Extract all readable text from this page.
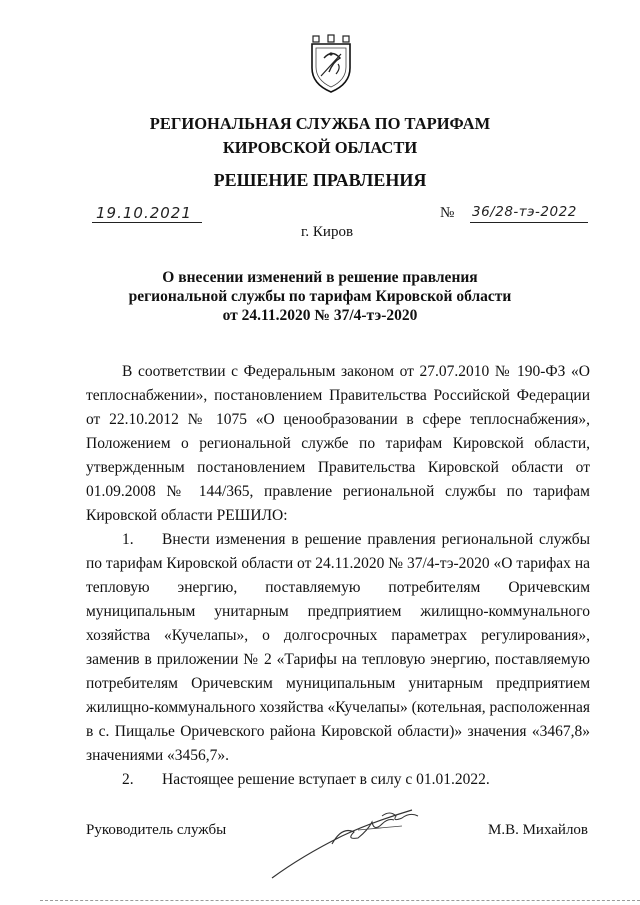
РЕГИОНАЛЬНАЯ СЛУЖБА ПО ТАРИФАМ
КИРОВСКОЙ ОБЛАСТИ
РЕШЕНИЕ ПРАВЛЕНИЯ
19.10.2021	№ 36/28-тэ-2022
г. Киров
О внесении изменений в решение правления
региональной службы по тарифам Кировской области
от 24.11.2020 № 37/4-тэ-2020

В соответствии с Федеральным законом от 27.07.2010 № 190-ФЗ «О теплоснабжении», постановлением Правительства Российской Федерации от 22.10.2012 № 1075 «О ценообразовании в сфере теплоснабжения», Положением о региональной службе по тарифам Кировской области, утвержденным постановлением Правительства Кировской области от 01.09.2008 № 144/365, правление региональной службы по тарифам Кировской области РЕШИЛО:

1. Внести изменения в решение правления региональной службы по тарифам Кировской области от 24.11.2020 № 37/4-тэ-2020 «О тарифах на тепловую энергию, поставляемую потребителям Оричевским муниципальным унитарным предприятием жилищно-коммунального хозяйства «Кучелапы», о долгосрочных параметрах регулирования», заменив в приложении № 2 «Тарифы на тепловую энергию, поставляемую потребителям Оричевским муниципальным унитарным предприятием жилищно-коммунального хозяйства «Кучелапы» (котельная, расположенная в с. Пищалье Оричевского района Кировской области)» значения «3467,8» значениями «3456,7».

2. Настоящее решение вступает в силу с 01.01.2022.

Руководитель службы	М.В. Михайлов
